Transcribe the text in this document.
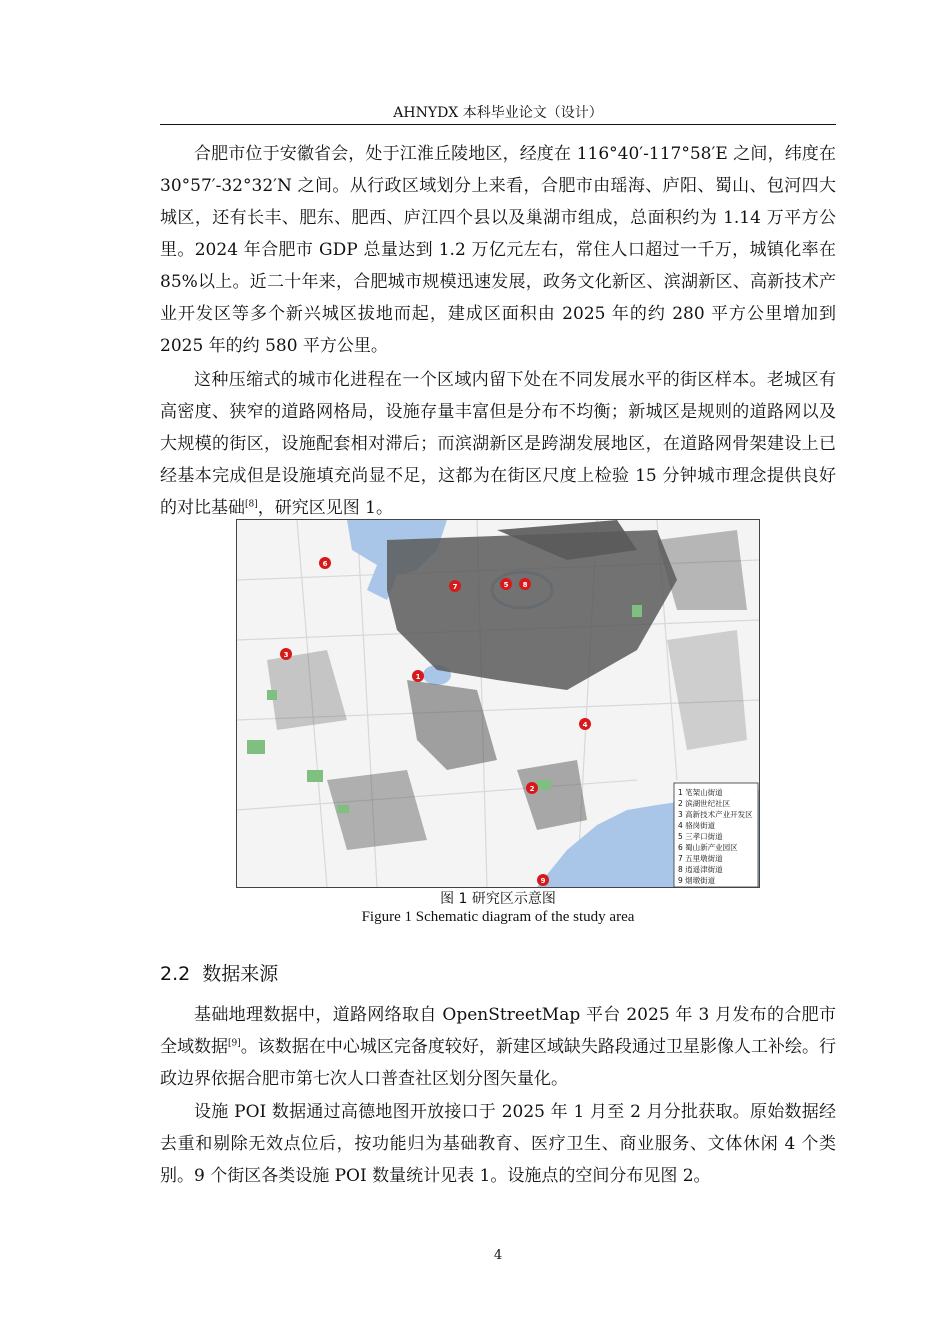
AHNYDX 本科毕业论文（设计）

合肥市位于安徽省会，处于江淮丘陵地区，经度在 116°40′-117°58′E 之间，纬度在 30°57′-32°32′N 之间。从行政区域划分上来看，合肥市由瑶海、庐阳、蜀山、包河四大城区，还有长丰、肥东、肥西、庐江四个县以及巢湖市组成，总面积约为 1.14 万平方公里。2024 年合肥市 GDP 总量达到 1.2 万亿元左右，常住人口超过一千万，城镇化率在 85%以上。近二十年来，合肥城市规模迅速发展，政务文化新区、滨湖新区、高新技术产业开发区等多个新兴城区拔地而起，建成区面积由 2025 年的约 280 平方公里增加到 2025 年的约 580 平方公里。

这种压缩式的城市化进程在一个区域内留下处在不同发展水平的街区样本。老城区有高密度、狭窄的道路网格局，设施存量丰富但是分布不均衡；新城区是规则的道路网以及大规模的街区，设施配套相对滞后；而滨湖新区是跨湖发展地区，在道路网骨架建设上已经基本完成但是设施填充尚显不足，这都为在街区尺度上检验 15 分钟城市理念提供良好的对比基础[8]，研究区见图 1。

1
2
3
4
5
6
7	8
9
1 笔架山街道
2 滨湖世纪社区
3 高新技术产业开发区
4 骆岗街道
5 三孝口街道
6 蜀山新产业园区
7 五里墩街道
8 逍遥津街道
9 烟墩街道
图 1 研究区示意图
Figure 1 Schematic diagram of the study area
2.2 数据来源

基础地理数据中，道路网络取自 OpenStreetMap 平台 2025 年 3 月发布的合肥市全域数据[9]。该数据在中心城区完备度较好，新建区域缺失路段通过卫星影像人工补绘。行政边界依据合肥市第七次人口普查社区划分图矢量化。

设施 POI 数据通过高德地图开放接口于 2025 年 1 月至 2 月分批获取。原始数据经去重和剔除无效点位后，按功能归为基础教育、医疗卫生、商业服务、文体休闲 4 个类别。9 个街区各类设施 POI 数量统计见表 1。设施点的空间分布见图 2。

4
